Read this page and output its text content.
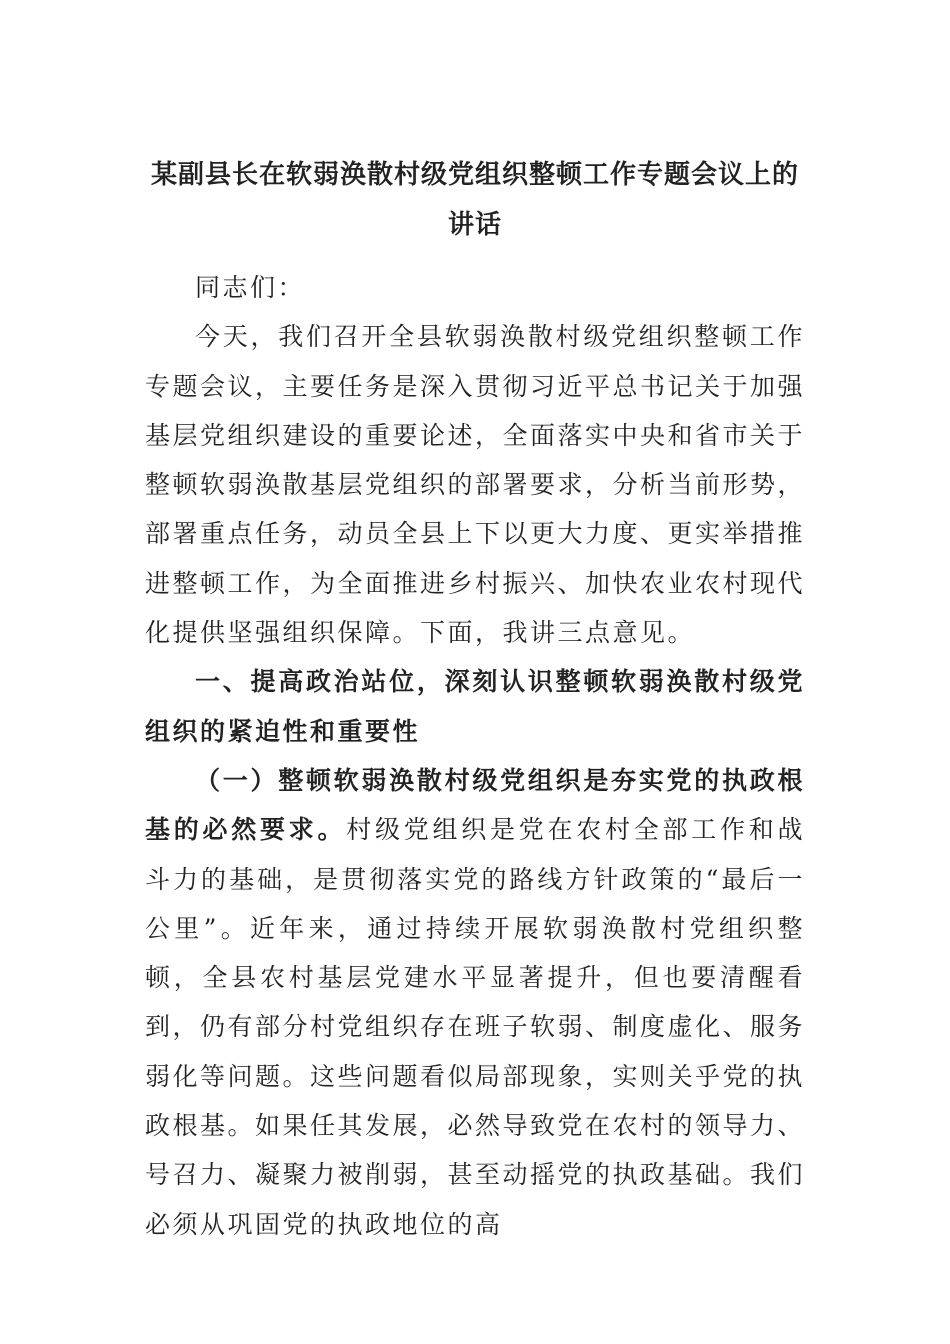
某副县长在软弱涣散村级党组织整顿工作专题会议上的讲话

同志们：

今天，我们召开全县软弱涣散村级党组织整顿工作专题会议，主要任务是深入贯彻习近平总书记关于加强基层党组织建设的重要论述，全面落实中央和省市关于整顿软弱涣散基层党组织的部署要求，分析当前形势，部署重点任务，动员全县上下以更大力度、更实举措推进整顿工作，为全面推进乡村振兴、加快农业农村现代化提供坚强组织保障。下面，我讲三点意见。

一、提高政治站位，深刻认识整顿软弱涣散村级党组织的紧迫性和重要性

（一）整顿软弱涣散村级党组织是夯实党的执政根基的必然要求。村级党组织是党在农村全部工作和战斗力的基础，是贯彻落实党的路线方针政策的“最后一公里”。近年来，通过持续开展软弱涣散村党组织整顿，全县农村基层党建水平显著提升，但也要清醒看到，仍有部分村党组织存在班子软弱、制度虚化、服务弱化等问题。这些问题看似局部现象，实则关乎党的执政根基。如果任其发展，必然导致党在农村的领导力、号召力、凝聚力被削弱，甚至动摇党的执政基础。我们必须从巩固党的执政地位的高
